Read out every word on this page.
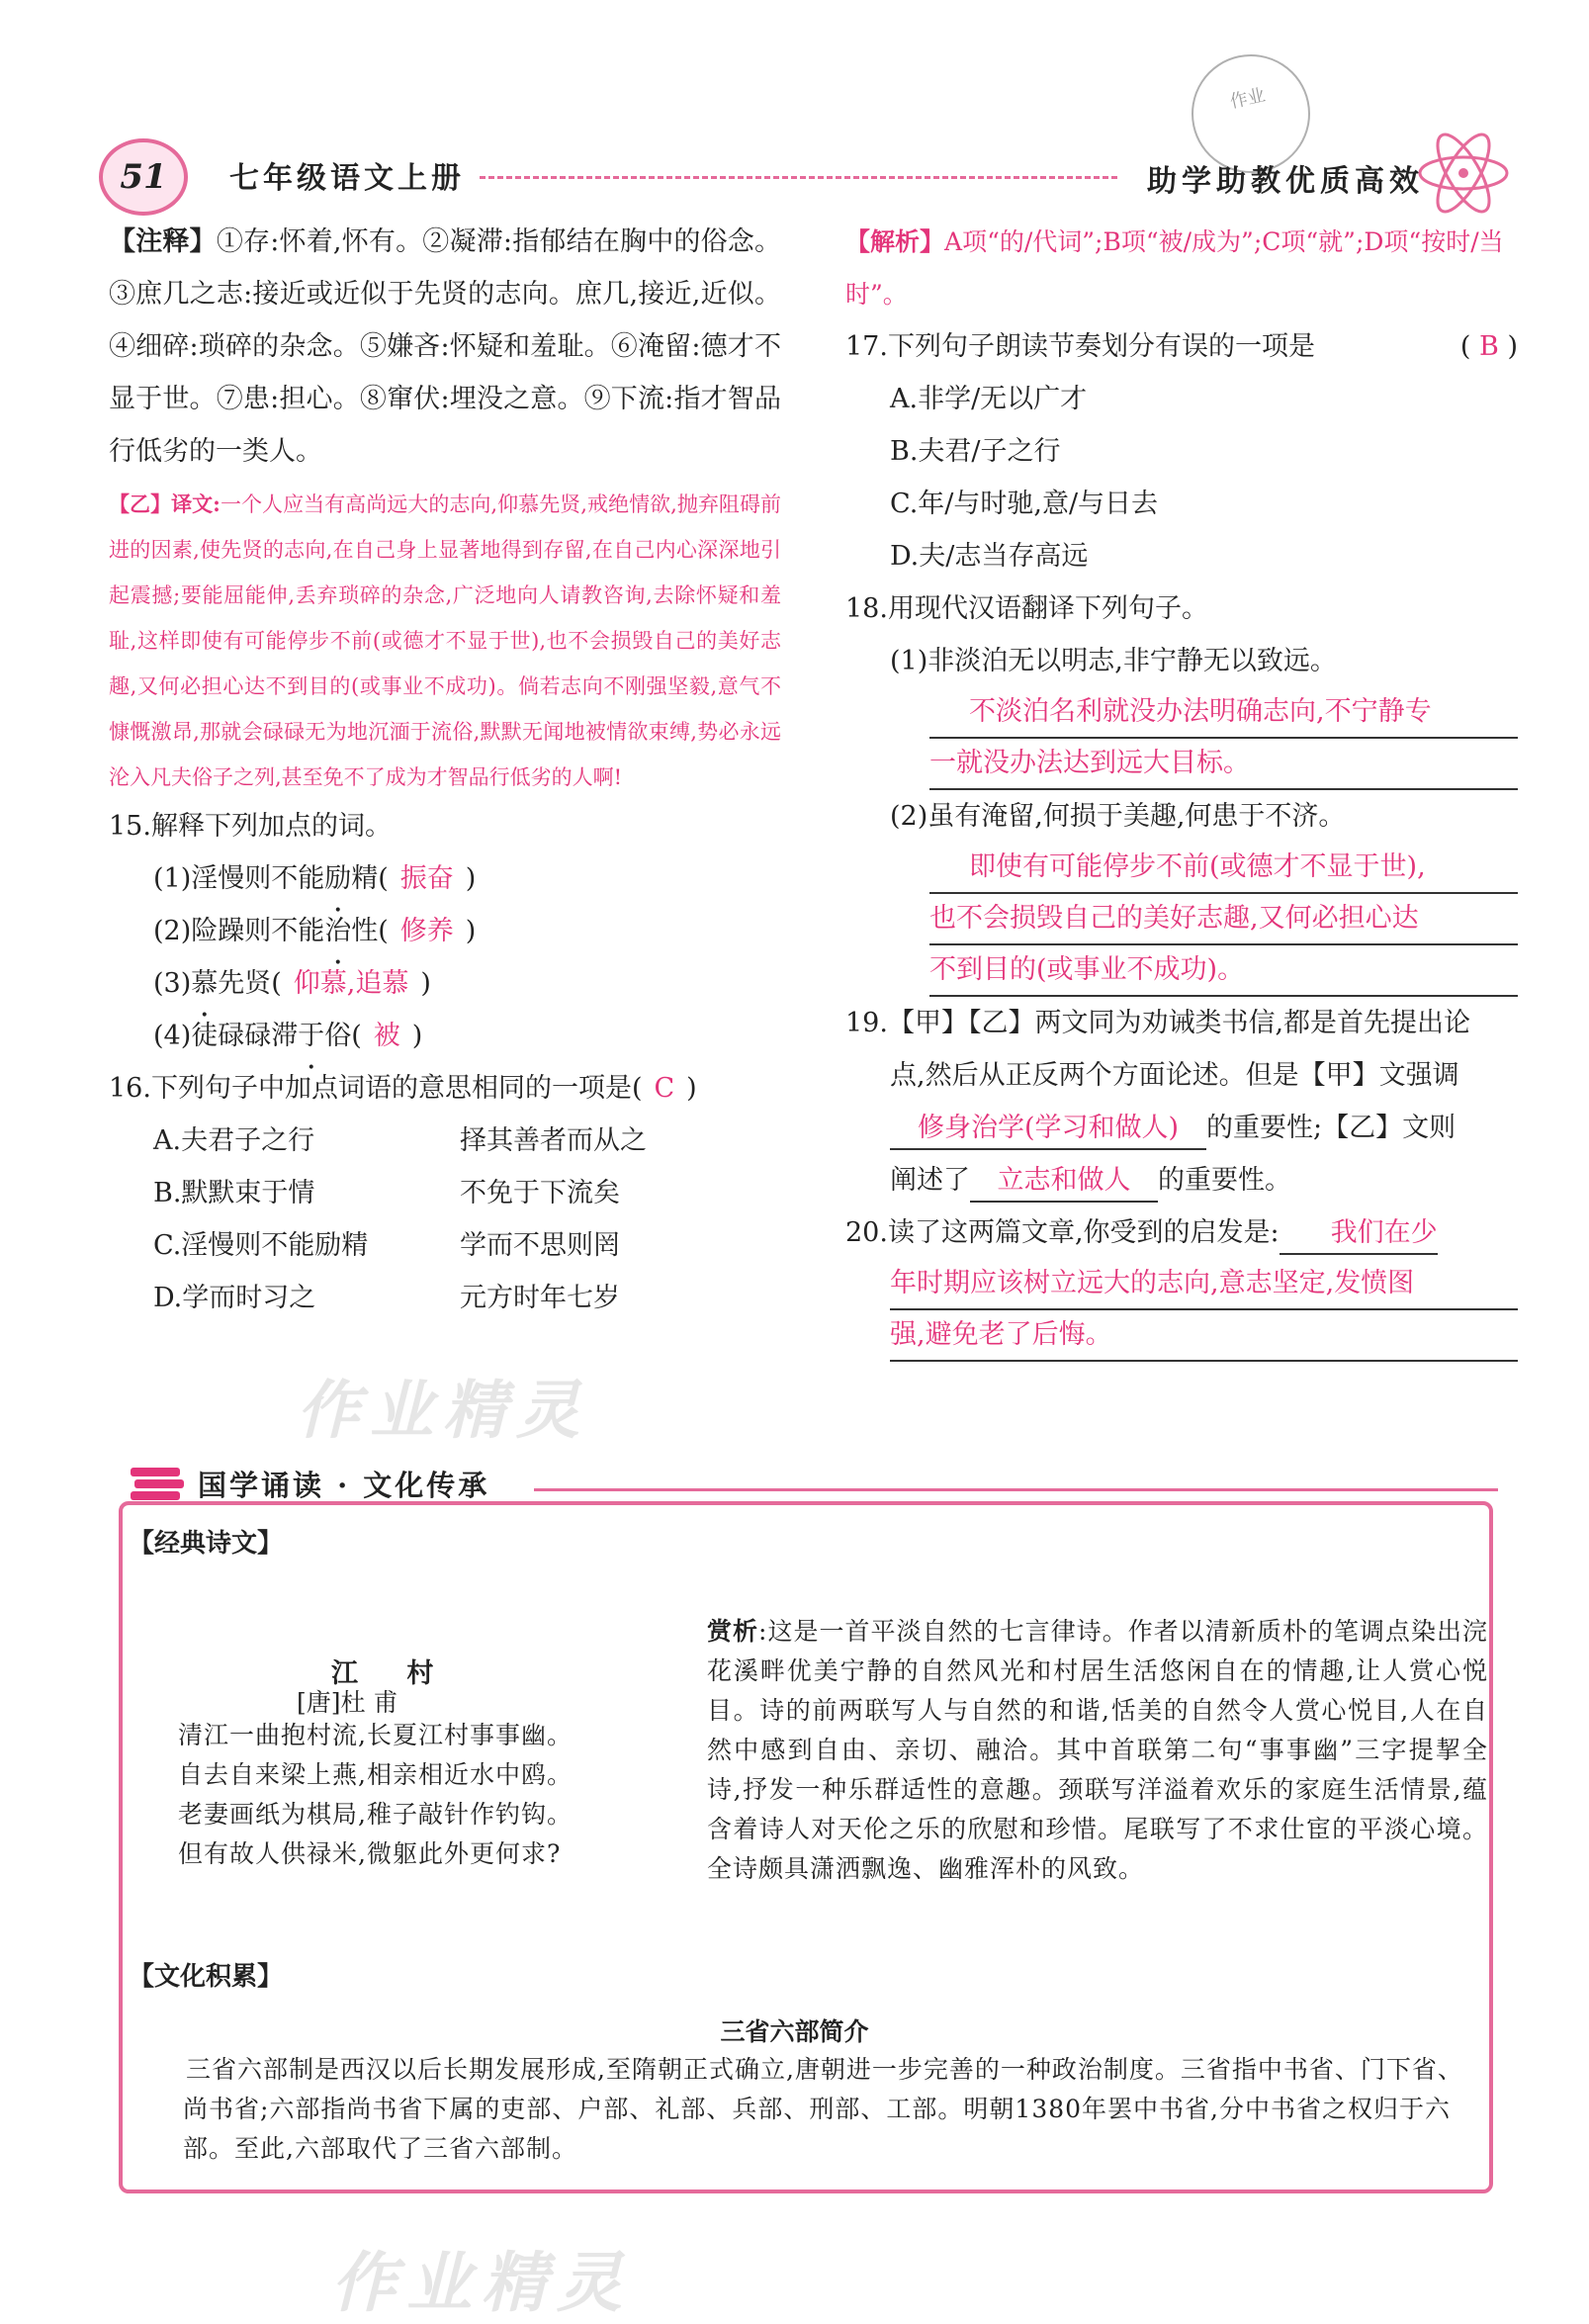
作业
51	七年级语文上册	助学助教优质高效
【注释】①存:怀着,怀有。②凝滞:指郁结在胸中的俗念。③庶几之志:接近或近似于先贤的志向。庶几,接近,近似。④细碎:琐碎的杂念。⑤嫌吝:怀疑和羞耻。⑥淹留:德才不显于世。⑦患:担心。⑧窜伏:埋没之意。⑨下流:指才智品行低劣的一类人。
【乙】译文:一个人应当有高尚远大的志向,仰慕先贤,戒绝情欲,抛弃阻碍前进的因素,使先贤的志向,在自己身上显著地得到存留,在自己内心深深地引起震撼;要能屈能伸,丢弃琐碎的杂念,广泛地向人请教咨询,去除怀疑和羞耻,这样即使有可能停步不前(或德才不显于世),也不会损毁自己的美好志趣,又何必担心达不到目的(或事业不成功)。倘若志向不刚强坚毅,意气不慷慨激昂,那就会碌碌无为地沉湎于流俗,默默无闻地被情欲束缚,势必永远沦入凡夫俗子之列,甚至免不了成为才智品行低劣的人啊!
15.解释下列加点的词。
(1)淫慢则不能励精( 振奋 )
(2)险躁则不能治性( 修养 )
(3)慕先贤( 仰慕,追慕 )
(4)徒碌碌滞于俗( 被 )
16.下列句子中加点词语的意思相同的一项是( C )
A.夫君子之行	择其善者而从之
B.默默束于情	不免于下流矣
C.淫慢则不能励精	学而不思则罔
D.学而时习之	元方时年七岁
【解析】A项“的/代词”;B项“被/成为”;C项“就”;D项“按时/当时”。
17.下列句子朗读节奏划分有误的一项是	( B )
A.非学/无以广才
B.夫君/子之行
C.年/与时驰,意/与日去
D.夫/志当存高远
18.用现代汉语翻译下列句子。
(1)非淡泊无以明志,非宁静无以致远。
不淡泊名利就没办法明确志向,不宁静专
一就没办法达到远大目标。
(2)虽有淹留,何损于美趣,何患于不济。
即使有可能停步不前(或德才不显于世),
也不会损毁自己的美好志趣,又何必担心达
不到目的(或事业不成功)。
19.【甲】【乙】两文同为劝诫类书信,都是首先提出论
点,然后从正反两个方面论述。但是【甲】文强调
修身治学(学习和做人) 的重要性;【乙】文则
阐述了 立志和做人 的重要性。
20.读了这两篇文章,你受到的启发是: 我们在少
年时期应该树立远大的志向,意志坚定,发愤图
强,避免老了后悔。
国学诵读 · 文化传承
【经典诗文】
江 村
[唐]杜 甫
清江一曲抱村流,长夏江村事事幽。
自去自来梁上燕,相亲相近水中鸥。
老妻画纸为棋局,稚子敲针作钓钩。
但有故人供禄米,微躯此外更何求?
赏析:这是一首平淡自然的七言律诗。作者以清新质朴的笔调点染出浣花溪畔优美宁静的自然风光和村居生活悠闲自在的情趣,让人赏心悦目。诗的前两联写人与自然的和谐,恬美的自然令人赏心悦目,人在自然中感到自由、亲切、融洽。其中首联第二句“事事幽”三字提挈全诗,抒发一种乐群适性的意趣。颈联写洋溢着欢乐的家庭生活情景,蕴含着诗人对天伦之乐的欣慰和珍惜。尾联写了不求仕宦的平淡心境。全诗颇具潇洒飘逸、幽雅浑朴的风致。
【文化积累】
三省六部简介
三省六部制是西汉以后长期发展形成,至隋朝正式确立,唐朝进一步完善的一种政治制度。三省指中书省、门下省、尚书省;六部指尚书省下属的吏部、户部、礼部、兵部、刑部、工部。明朝1380年罢中书省,分中书省之权归于六部。至此,六部取代了三省六部制。
作业精灵
作业精灵
